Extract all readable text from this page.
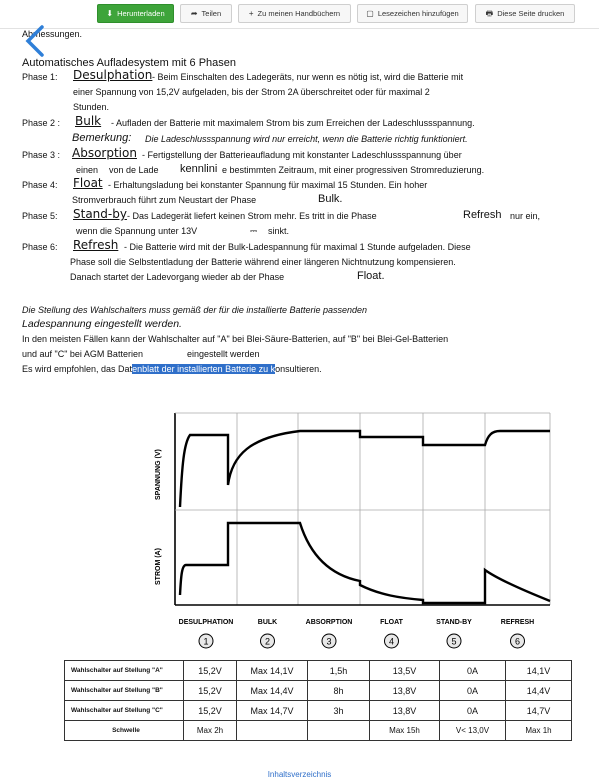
⬇ Herunterladen	➦ Teilen	+ Zu meinen Handbüchern	▢ Lesezeichen hinzufügen	🖶 Diese Seite drucken
Abmessungen.
Automatisches Aufladesystem mit 6 Phasen
Phase 1: Desulphation - Beim Einschalten des Ladegeräts, nur wenn es nötig ist, wird die Batterie mit
einer Spannung von 15,2V aufgeladen, bis der Strom 2A überschreitet oder für maximal 2
Stunden.
Phase 2 : Bulk - Aufladen der Batterie mit maximalem Strom bis zum Erreichen der Ladeschlussspannung.
Bemerkung: Die Ladeschlussspannung wird nur erreicht, wenn die Batterie richtig funktioniert.
Phase 3 : Absorption - Fertigstellung der Batterieaufladung mit konstanter Ladeschlussspannung über
einen von de Lade kennlini e bestimmten Zeitraum, mit einer progressiven Stromreduzierung.
Phase 4: Float - Erhaltungsladung bei konstanter Spannung für maximal 15 Stunden. Ein hoher
Stromverbrauch führt zum Neustart der Phase	Bulk.
Phase 5: Stand-by - Das Ladegerät liefert keinen Strom mehr. Es tritt in die Phase	Refresh nur ein,
wenn die Spannung unter 13V	⎓ sinkt.
Phase 6: Refresh - Die Batterie wird mit der Bulk-Ladespannung für maximal 1 Stunde aufgeladen. Diese
Phase soll die Selbstentladung der Batterie während einer längeren Nichtnutzung kompensieren.
Danach startet der Ladevorgang wieder ab der Phase	Float.
Die Stellung des Wahlschalters muss gemäß der für die installierte Batterie passenden
Ladespannung eingestellt werden.
In den meisten Fällen kann der Wahlschalter auf "A" bei Blei-Säure-Batterien, auf "B" bei Blei-Gel-Batterien
und auf "C" bei AGM Batterien	eingestellt werden
Es wird empfohlen, das Datenblatt der installierten Batterie zu konsultieren.
SPANNUNG (V)
STROM (A)
DESULPHATION
1
BULK
2
ABSORPTION
3
FLOAT
4
STAND-BY
5
REFRESH
6
Wahlschalter auf Stellung "A"	15,2V	Max 14,1V	1,5h	13,5V	0A	14,1V
Wahlschalter auf Stellung "B"	15,2V	Max 14,4V	8h	13,8V	0A	14,4V
Wahlschalter auf Stellung "C"	15,2V	Max 14,7V	3h	13,8V	0A	14,7V
Schwelle	Max 2h			Max 15h	V< 13,0V	Max 1h
Inhaltsverzeichnis
